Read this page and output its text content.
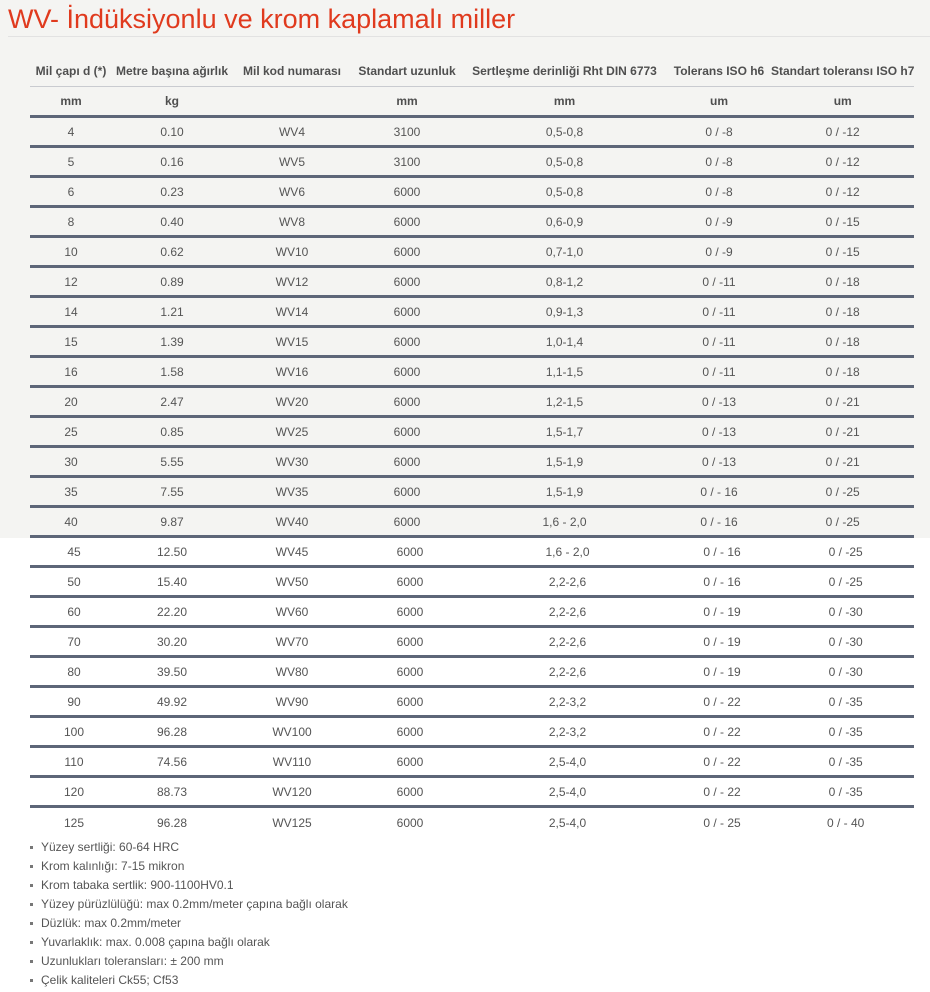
WV- İndüksiyonlu ve krom kaplamalı miller
Mil çapı d (*)	Metre başına ağırlık	Mil kod numarası	Standart uzunluk	Sertleşme derinliği Rht DIN 6773	Tolerans ISO h6	Standart toleransı ISO h7
mm	kg		mm	mm	um	um
4	0.10	WV4	3100	0,5-0,8	0 / -8	0 / -12
5	0.16	WV5	3100	0,5-0,8	0 / -8	0 / -12
6	0.23	WV6	6000	0,5-0,8	0 / -8	0 / -12
8	0.40	WV8	6000	0,6-0,9	0 / -9	0 / -15
10	0.62	WV10	6000	0,7-1,0	0 / -9	0 / -15
12	0.89	WV12	6000	0,8-1,2	0 / -11	0 / -18
14	1.21	WV14	6000	0,9-1,3	0 / -11	0 / -18
15	1.39	WV15	6000	1,0-1,4	0 / -11	0 / -18
16	1.58	WV16	6000	1,1-1,5	0 / -11	0 / -18
20	2.47	WV20	6000	1,2-1,5	0 / -13	0 / -21
25	0.85	WV25	6000	1,5-1,7	0 / -13	0 / -21
30	5.55	WV30	6000	1,5-1,9	0 / -13	0 / -21
35	7.55	WV35	6000	1,5-1,9	0 / - 16	0 / -25
40	9.87	WV40	6000	1,6 - 2,0	0 / - 16	0 / -25
45	12.50	WV45	6000	1,6 - 2,0	0 / - 16	0 / -25
50	15.40	WV50	6000	2,2-2,6	0 / - 16	0 / -25
60	22.20	WV60	6000	2,2-2,6	0 / - 19	0 / -30
70	30.20	WV70	6000	2,2-2,6	0 / - 19	0 / -30
80	39.50	WV80	6000	2,2-2,6	0 / - 19	0 / -30
90	49.92	WV90	6000	2,2-3,2	0 / - 22	0 / -35
100	96.28	WV100	6000	2,2-3,2	0 / - 22	0 / -35
110	74.56	WV110	6000	2,5-4,0	0 / - 22	0 / -35
120	88.73	WV120	6000	2,5-4,0	0 / - 22	0 / -35
125	96.28	WV125	6000	2,5-4,0	0 / - 25	0 / - 40
Yüzey sertliği: 60-64 HRC
Krom kalınlığı: 7-15 mikron
Krom tabaka sertlik: 900-1100HV0.1
Yüzey pürüzlülüğü: max 0.2mm/meter çapına bağlı olarak
Düzlük: max 0.2mm/meter
Yuvarlaklık: max. 0.008 çapına bağlı olarak
Uzunlukları toleransları: ± 200 mm
Çelik kaliteleri Ck55; Cf53
